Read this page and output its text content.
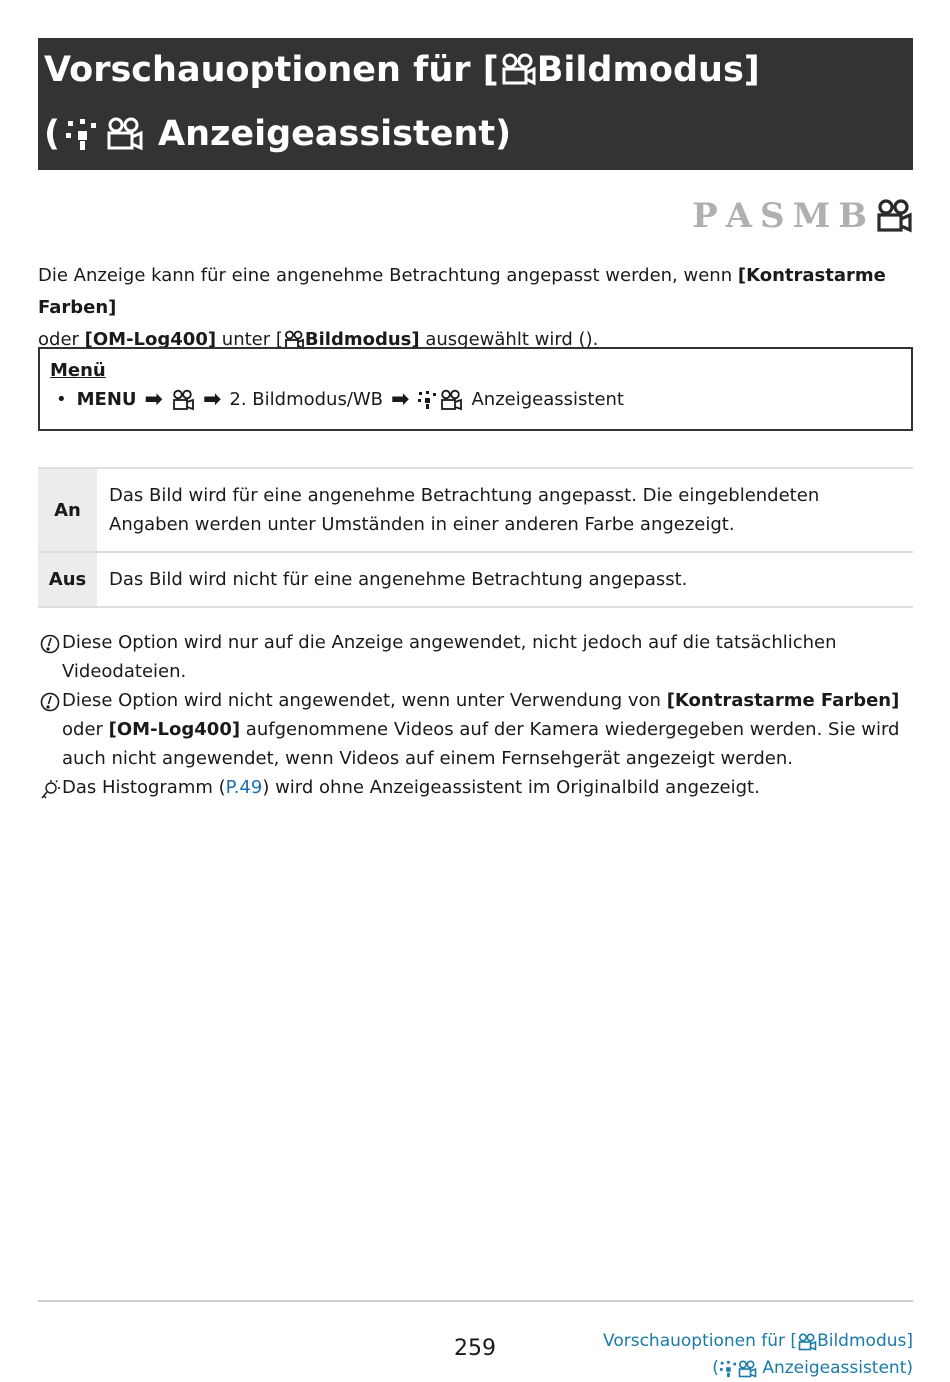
Vorschauoptionen für [ Bildmodus]
(	Anzeigeassistent)
P A S M B
Die Anzeige kann für eine angenehme Betrachtung angepasst werden, wenn [Kontrastarme Farben]
oder [OM-Log400] unter [ Bildmodus] ausgewählt wird ().
Menü
• MENU ➡ ➡ 2. Bildmodus/WB ➡	Anzeigeassistent
An	Das Bild wird für eine angenehme Betrachtung angepasst. Die eingeblendeten Angaben werden unter Umständen in einer anderen Farbe angezeigt.
Aus	Das Bild wird nicht für eine angenehme Betrachtung angepasst.
Diese Option wird nur auf die Anzeige angewendet, nicht jedoch auf die tatsächlichen Videodateien.
Diese Option wird nicht angewendet, wenn unter Verwendung von [Kontrastarme Farben] oder [OM-Log400] aufgenommene Videos auf der Kamera wiedergegeben werden. Sie wird auch nicht angewendet, wenn Videos auf einem Fernsehgerät angezeigt werden.
Das Histogramm (P.49) wird ohne Anzeigeassistent im Originalbild angezeigt.
259	Vorschauoptionen für [ Bildmodus]
( Anzeigeassistent)
